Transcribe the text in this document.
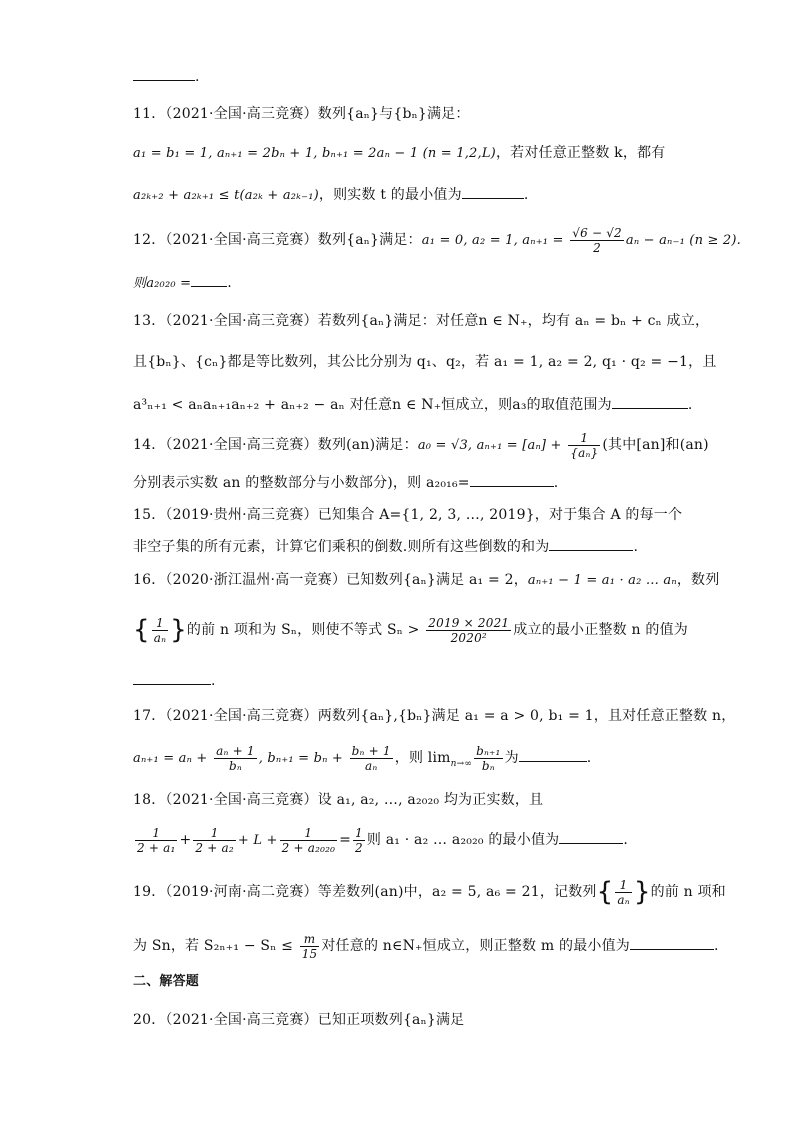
.
11．（2021·全国·高三竞赛）数列{aₙ}与{bₙ}满足：
a₁ = b₁ = 1, aₙ₊₁ = 2bₙ + 1, bₙ₊₁ = 2aₙ − 1 (n = 1,2,L)，若对任意正整数 k，都有
a₂ₖ₊₂ + a₂ₖ₊₁ ≤ t(a₂ₖ + a₂ₖ₋₁)，则实数 t 的最小值为	.
12．（2021·全国·高三竞赛）数列{aₙ}满足：a₁ = 0, a₂ = 1, $a_{n+1} = \frac{√6 - √2}{2}$ aₙ − aₙ₋₁ (n ≥ 2).
则a₂₀₂₀ =	.
13．（2021·全国·高三竞赛）若数列{aₙ}满足：对任意n ∈ N₊，均有 aₙ = bₙ + cₙ 成立，
且{bₙ}、{cₙ}都是等比数列，其公比分别为 q₁、q₂，若 a₁ = 1, a₂ = 2, q₁ · q₂ = −1，且
a³ₙ₊₁ < aₙaₙ₊₁aₙ₊₂ + aₙ₊₂ − aₙ 对任意n ∈ N₊恒成立，则a₃的取值范围为	.
14．（2021·全国·高三竞赛）数列(an)满足：a₀ = √3, $a_{n+1} = [a_n] + \frac{1}{\text{\{aₙ\}}}$ (其中[an]和(an)
分别表示实数 an 的整数部分与小数部分)，则 a₂₀₁₆=	.
15．（2019·贵州·高三竞赛）已知集合 A={1, 2, 3, …, 2019}，对于集合 A 的每一个
非空子集的所有元素，计算它们乘积的倒数.则所有这些倒数的和为	.
16．（2020·浙江温州·高一竞赛）已知数列{aₙ}满足 a₁ = 2，aₙ₊₁ − 1 = a₁ · a₂ … aₙ，数列
{ $\frac{1}{\text{aₙ}}$ }的前 n 项和为 Sₙ，则使不等式 $S_n > \frac{2019 \times 2021}{\text{2020²}}$ 成立的最小正整数 n 的值为
.
17．（2021·全国·高三竞赛）两数列{aₙ},{bₙ}满足 a₁ = a > 0, b₁ = 1，且对任意正整数 n，
$a_{n+1} = a_n + \frac{\text{aₙ + 1}}{\text{bₙ}}$ , $b_{n+1} = b_n + \frac{\text{bₙ + 1}}{\text{aₙ}}$ ，则 $\lim_{n\to\infty} \frac{\text{bₙ₊₁}}{\text{bₙ}}$ 为	.
18．（2021·全国·高三竞赛）设 a₁, a₂, …, a₂₀₂₀ 均为正实数，且
$\frac{1}{\text{2 + a₁}} + \frac{1}{\text{2 + a₂}} + L + \frac{1}{\text{2 + a₂₀₂₀}} = \frac{1}{2}$ 则 a₁ · a₂ … a₂₀₂₀ 的最小值为	.
19．（2019·河南·高二竞赛）等差数列(an)中，a₂ = 5, a₆ = 21，记数列{ $\frac{1}{\text{aₙ}}$ }的前 n 项和
为 Sn，若 $S_{2n+1} - S_n \le \frac{m}{15}$ 对任意的 n∈N₊恒成立，则正整数 m 的最小值为	.
二、解答题
20．（2021·全国·高三竞赛）已知正项数列{aₙ}满足
